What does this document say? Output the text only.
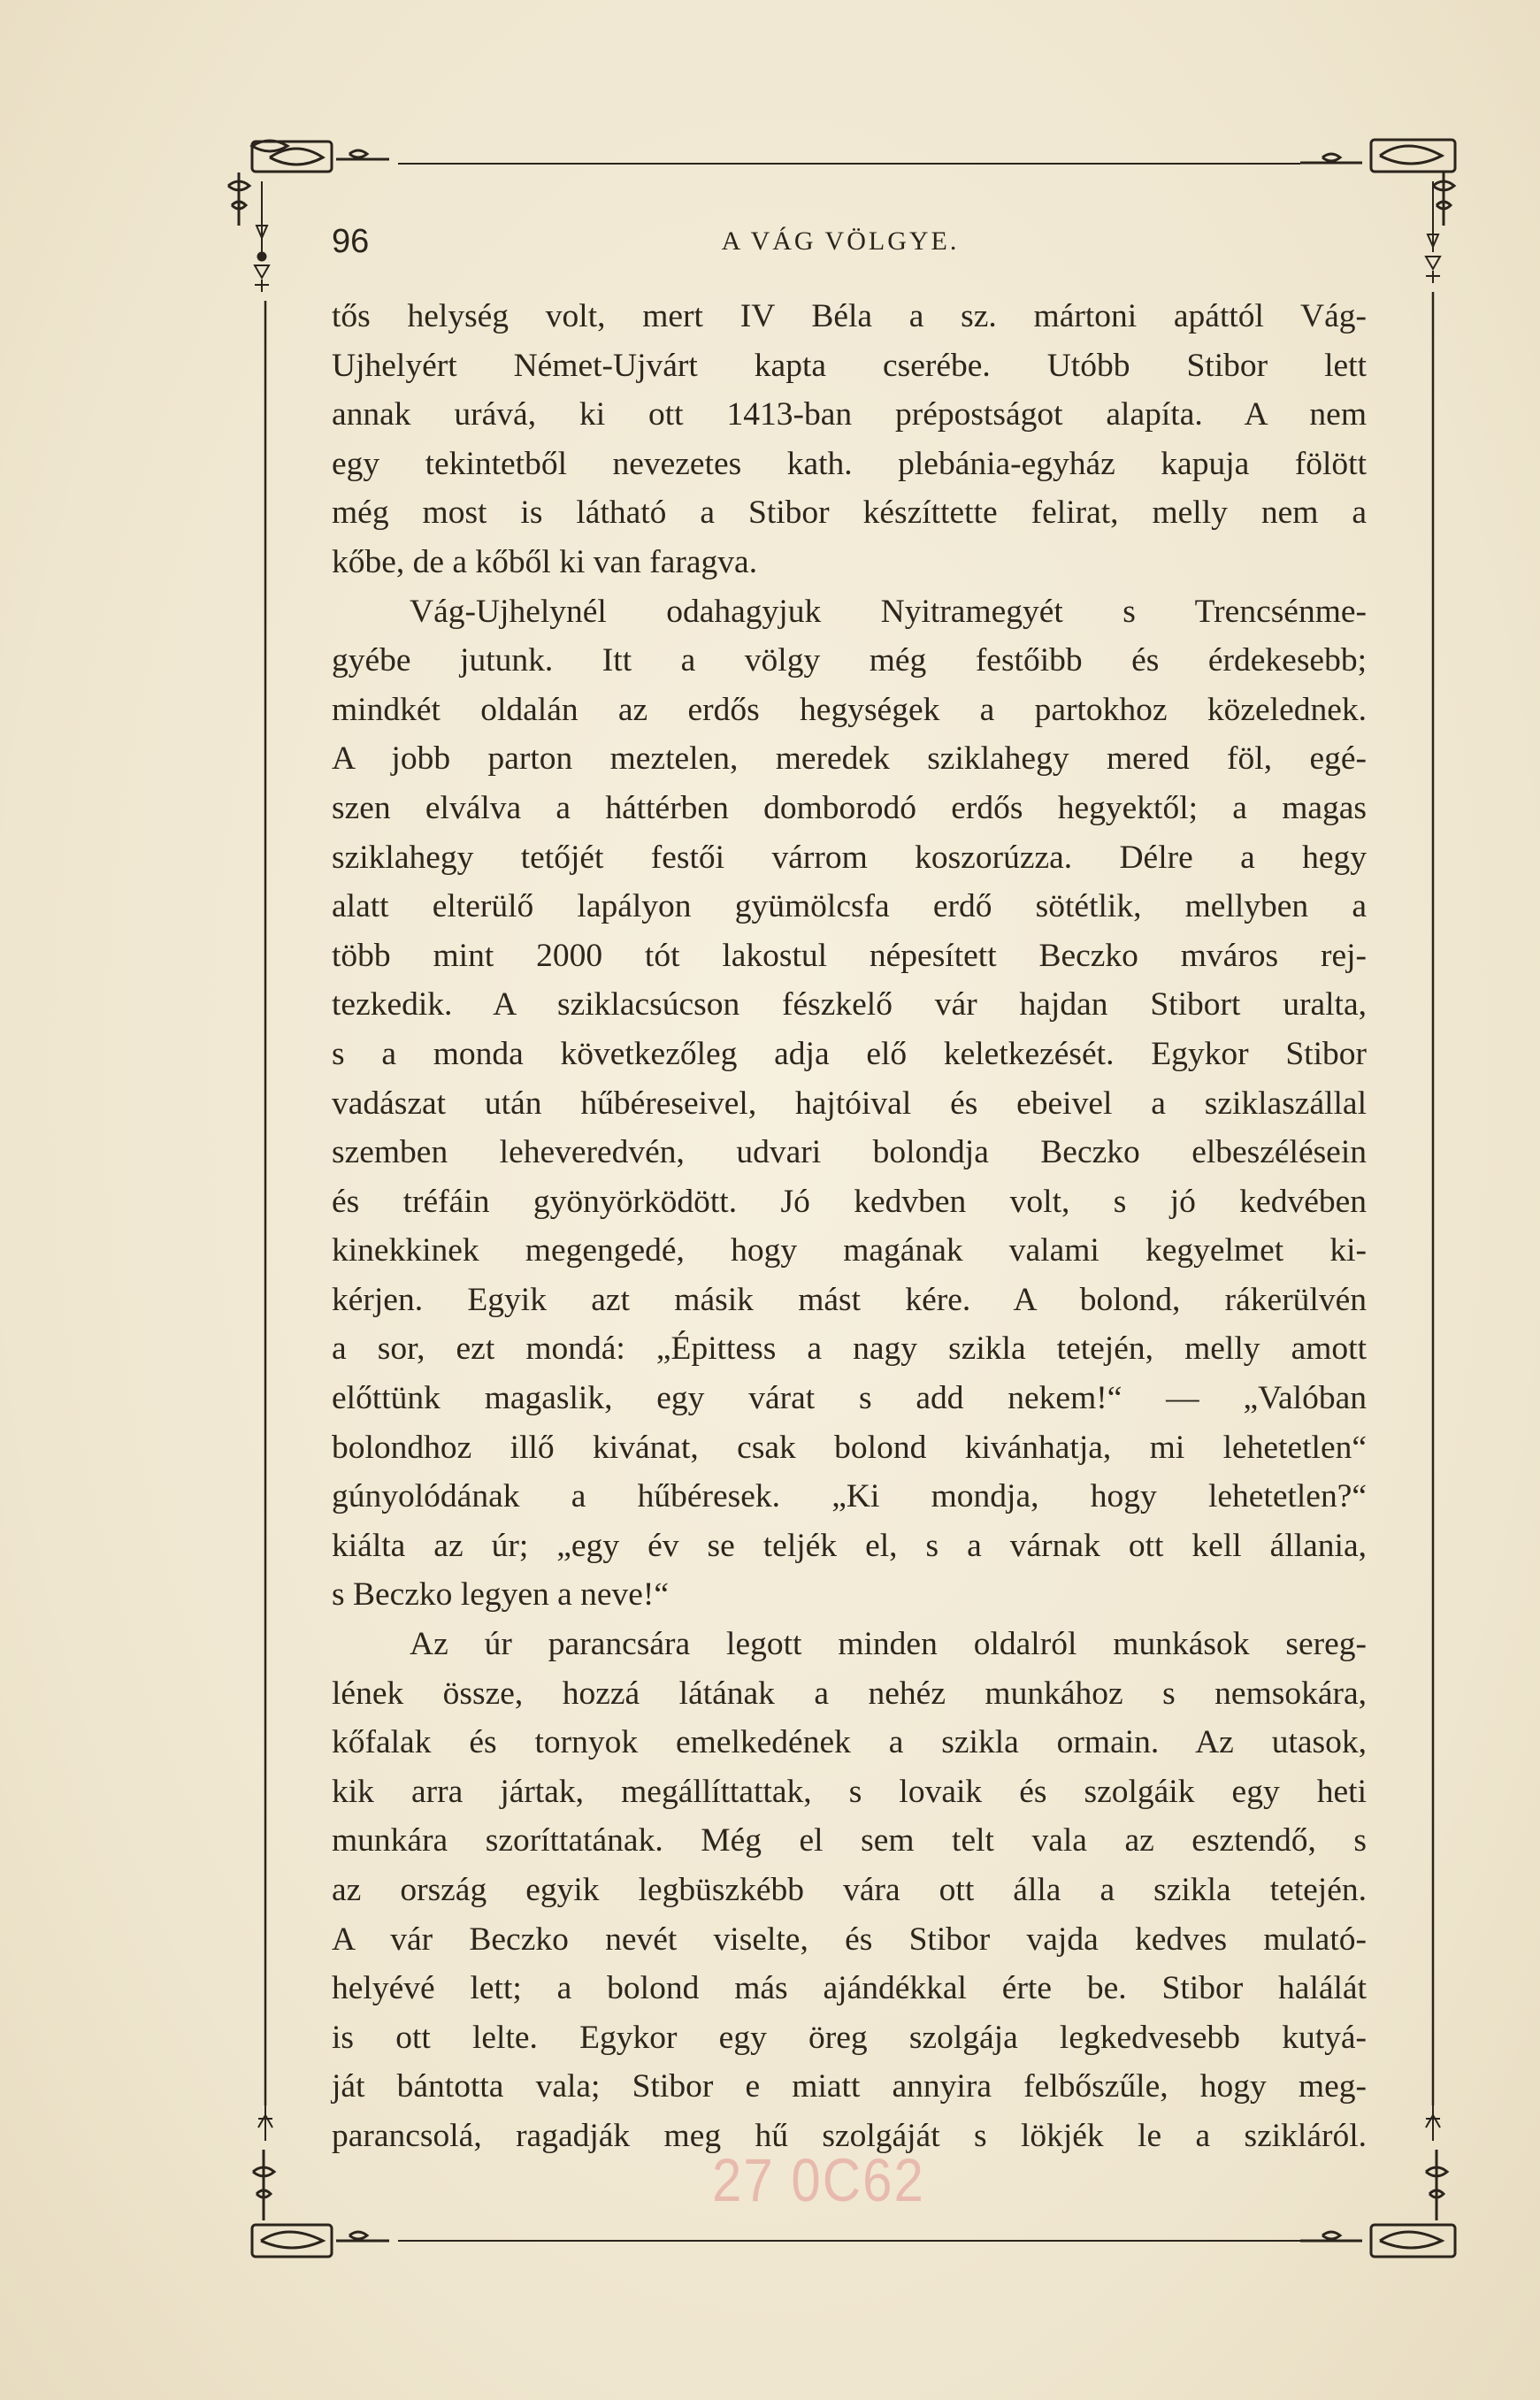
96	A VÁG VÖLGYE.
tős helység volt, mert IV Béla a sz. mártoni apáttól Vág-
Ujhelyért Német-Ujvárt kapta cserébe. Utóbb Stibor lett
annak urává, ki ott 1413-ban prépostságot alapíta. A nem
egy tekintetből nevezetes kath. plebánia-egyház kapuja fölött
még most is látható a Stibor készíttette felirat, melly nem a
kőbe, de a kőből ki van faragva.
Vág-Ujhelynél odahagyjuk Nyitramegyét s Trencsénme-
gyébe jutunk. Itt a völgy még festőibb és érdekesebb;
mindkét oldalán az erdős hegységek a partokhoz közelednek.
A jobb parton meztelen, meredek sziklahegy mered föl, egé-
szen elválva a háttérben domborodó erdős hegyektől; a magas
sziklahegy tetőjét festői várrom koszorúzza. Délre a hegy
alatt elterülő lapályon gyümölcsfa erdő sötétlik, mellyben a
több mint 2000 tót lakostul népesített Beczko mváros rej-
tezkedik. A sziklacsúcson fészkelő vár hajdan Stibort uralta,
s a monda következőleg adja elő keletkezését. Egykor Stibor
vadászat után hűbéreseivel, hajtóival és ebeivel a sziklaszállal
szemben leheveredvén, udvari bolondja Beczko elbeszélésein
és tréfáin gyönyörködött. Jó kedvben volt, s jó kedvében
kinekkinek megengedé, hogy magának valami kegyelmet ki-
kérjen. Egyik azt másik mást kére. A bolond, rákerülvén
a sor, ezt mondá: „Épittess a nagy szikla tetején, melly amott
előttünk magaslik, egy várat s add nekem!“ — „Valóban
bolondhoz illő kivánat, csak bolond kivánhatja, mi lehetetlen“
gúnyolódának a hűbéresek. „Ki mondja, hogy lehetetlen?“
kiálta az úr; „egy év se teljék el, s a várnak ott kell állania,
s Beczko legyen a neve!“
Az úr parancsára legott minden oldalról munkások sereg-
lének össze, hozzá látának a nehéz munkához s nemsokára,
kőfalak és tornyok emelkedének a szikla ormain. Az utasok,
kik arra jártak, megállíttattak, s lovaik és szolgáik egy heti
munkára szoríttatának. Még el sem telt vala az esztendő, s
az ország egyik legbüszkébb vára ott álla a szikla tetején.
A vár Beczko nevét viselte, és Stibor vajda kedves mulató-
helyévé lett; a bolond más ajándékkal érte be. Stibor halálát
is ott lelte. Egykor egy öreg szolgája legkedvesebb kutyá-
ját bántotta vala; Stibor e miatt annyira felbőszűle, hogy meg-
parancsolá, ragadják meg hű szolgáját s lökjék le a szikláról.
27 0C62
